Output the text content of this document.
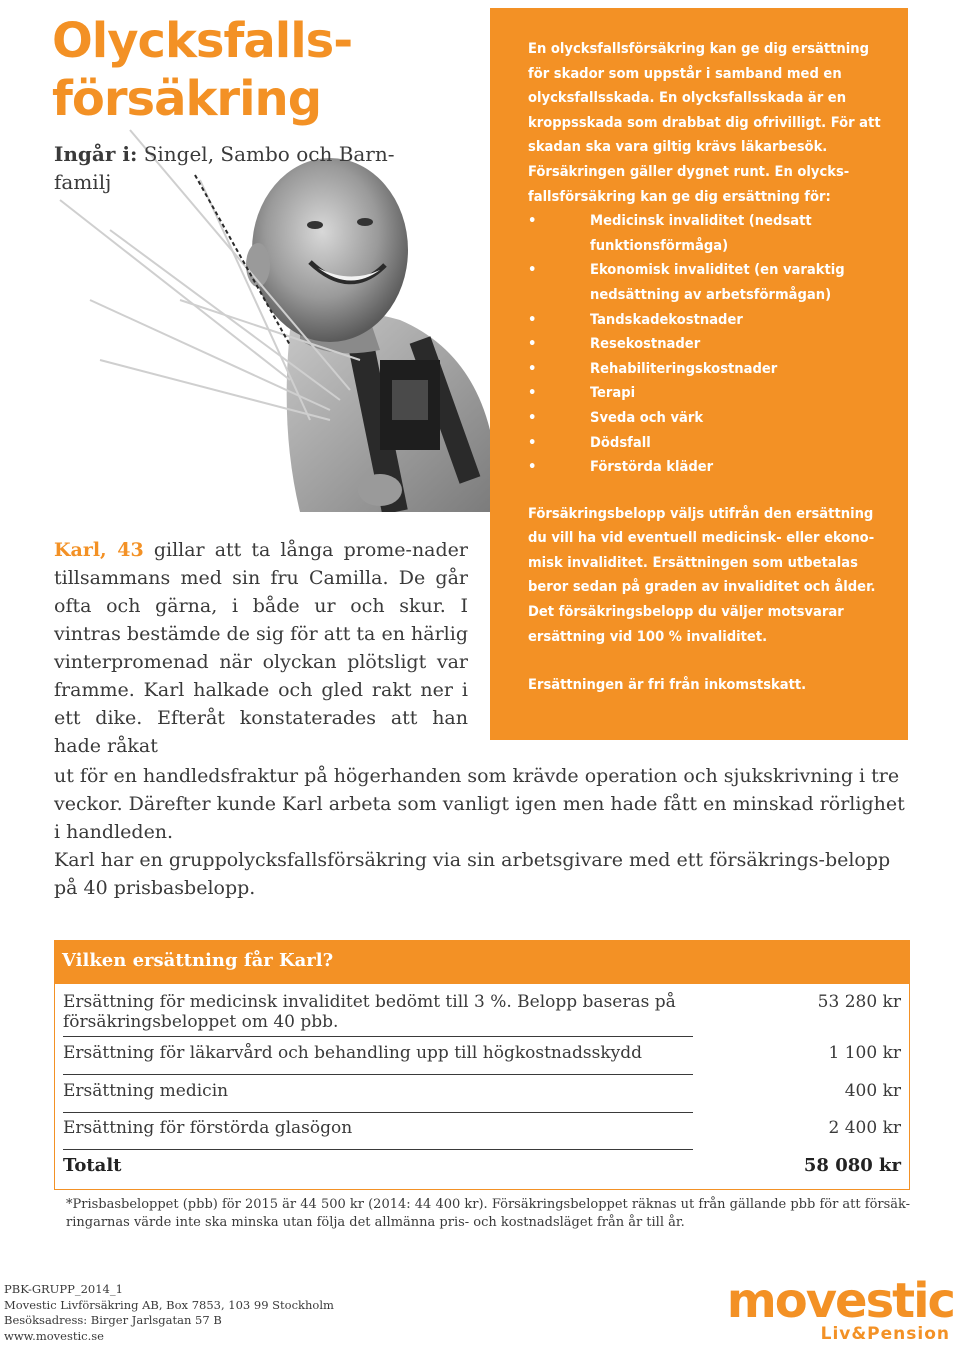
Olycksfalls-
försäkring
Ingår i: Singel, Sambo och Barn-familj

En olycksfallsförsäkring kan ge dig ersättning för skador som uppstår i samband med en olycksfallsskada. En olycksfallsskada är en kroppsskada som drabbat dig ofrivilligt. För att skadan ska vara giltig krävs läkarbesök. Försäkringen gäller dygnet runt. En olycks-fallsförsäkring kan ge dig ersättning för:

• Medicinsk invaliditet (nedsatt funktionsförmåga)
• Ekonomisk invaliditet (en varaktig nedsättning av arbetsförmågan)
• Tandskadekostnader
• Resekostnader
• Rehabiliteringskostnader
• Terapi
• Sveda och värk
• Dödsfall
• Förstörda kläder

Försäkringsbelopp väljs utifrån den ersättning du vill ha vid eventuell medicinsk- eller ekono-misk invaliditet. Ersättningen som utbetalas beror sedan på graden av invaliditet och ålder. Det försäkringsbelopp du väljer motsvarar ersättning vid 100 % invaliditet.

Ersättningen är fri från inkomstskatt.

Karl, 43 gillar att ta långa prome-nader tillsammans med sin fru Camilla. De går ofta och gärna, i både ur och skur. I vintras bestämde de sig för att ta en härlig vinterpromenad när olyckan plötsligt var framme. Karl halkade och gled rakt ner i ett dike. Efteråt konstaterades att han hade råkat

ut för en handledsfraktur på högerhanden som krävde operation och sjukskrivning i tre veckor. Därefter kunde Karl arbeta som vanligt igen men hade fått en minskad rörlighet i handleden.

Karl har en gruppolycksfallsförsäkring via sin arbetsgivare med ett försäkrings-belopp på 40 prisbasbelopp.

Vilken ersättning får Karl?
Ersättning för medicinsk invaliditet bedömt till 3 %. Belopp baseras på försäkringsbeloppet om 40 pbb.
53 280 kr
Ersättning för läkarvård och behandling upp till högkostnadsskydd	1 100 kr
Ersättning medicin	400 kr
Ersättning för förstörda glasögon	2 400 kr
Totalt	58 080 kr
*Prisbasbeloppet (pbb) för 2015 är 44 500 kr (2014: 44 400 kr). Försäkringsbeloppet räknas ut från gällande pbb för att försäk-ringarnas värde inte ska minska utan följa det allmänna pris- och kostnadsläget från år till år.
PBK-GRUPP_2014_1
Movestic Livförsäkring AB, Box 7853, 103 99 Stockholm
Besöksadress: Birger Jarlsgatan 57 B
www.movestic.se
movestic
Liv&Pension
